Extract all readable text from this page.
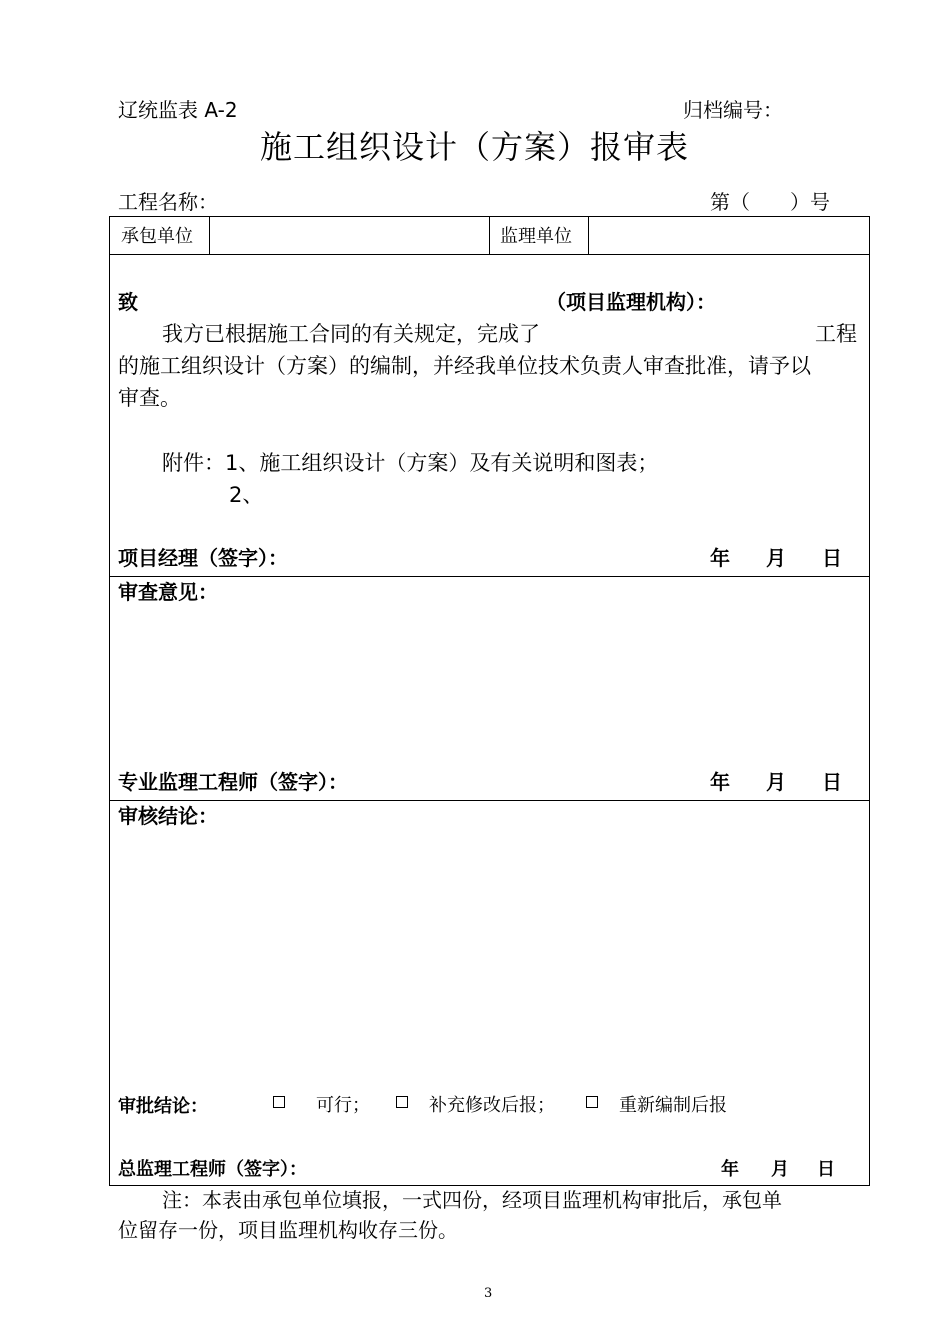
辽统监表 A-2	归档编号：
施工组织设计（方案）报审表
工程名称：	第（　　）号
承包单位	监理单位
致	（项目监理机构）：
我方已根据施工合同的有关规定，完成了	工程
的施工组织设计（方案）的编制，并经我单位技术负责人审查批准，请予以
审查。
附件：1、施工组织设计（方案）及有关说明和图表；
2、
项目经理（签字）：	年 月 日
审查意见：
专业监理工程师（签字）：	年 月 日
审核结论：
审批结论：	可行；	补充修改后报；	重新编制后报
总监理工程师（签字）：	年 月 日
注：本表由承包单位填报，一式四份，经项目监理机构审批后，承包单
位留存一份，项目监理机构收存三份。
3
